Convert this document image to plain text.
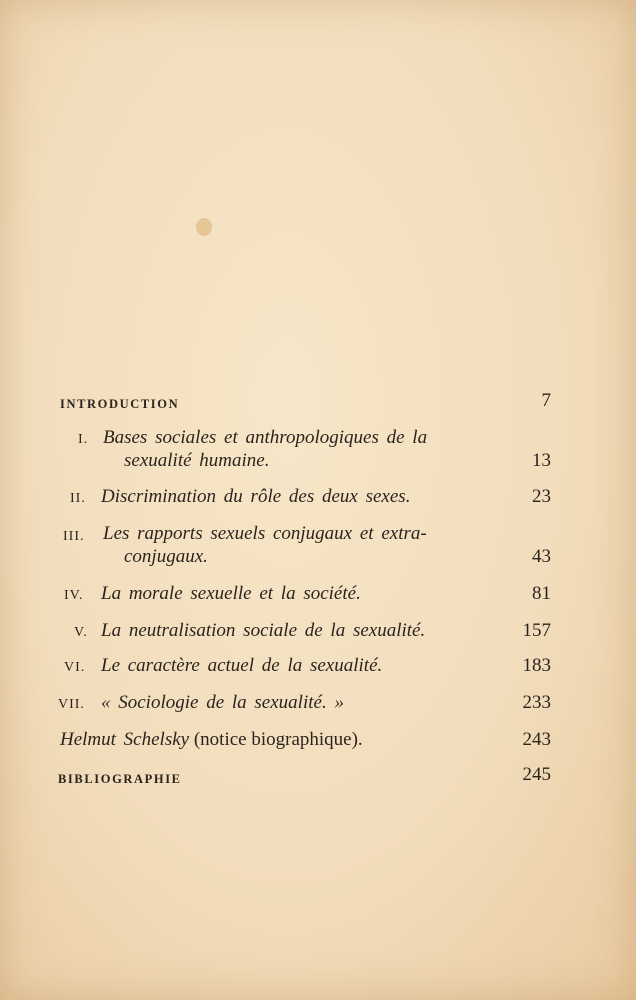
INTRODUCTION	7
I. Bases sociales et anthropologiques de la
sexualité humaine.	13
II. Discrimination du rôle des deux sexes.	23
III. Les rapports sexuels conjugaux et extra-
conjugaux.	43
IV. La morale sexuelle et la société.	81
V. La neutralisation sociale de la sexualité.	157
VI. Le caractère actuel de la sexualité.	183
VII. « Sociologie de la sexualité. »	233
Helmut Schelsky (notice biographique).	243
BIBLIOGRAPHIE	245
